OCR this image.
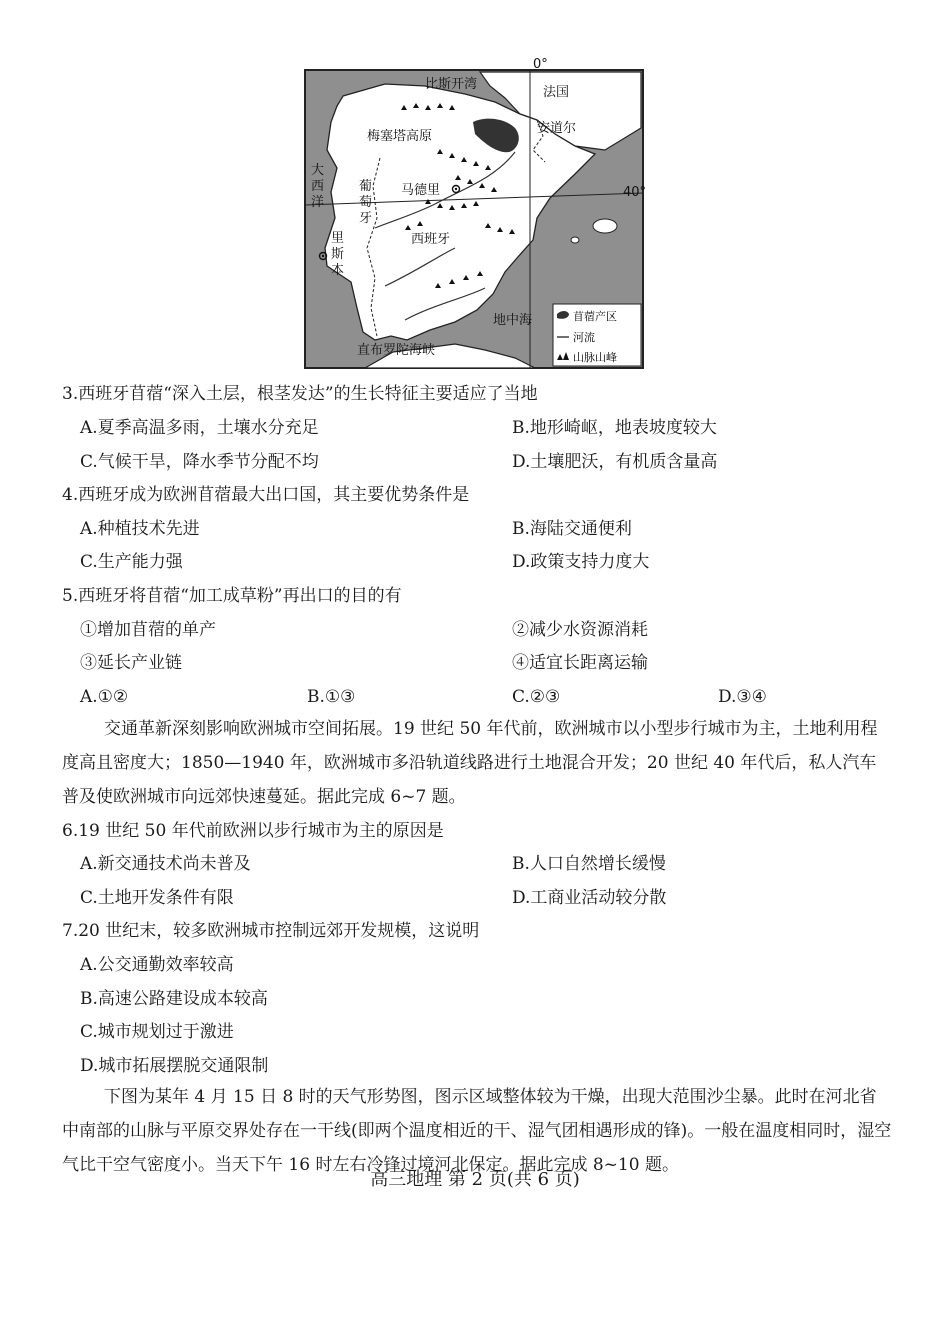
0°
40°
比斯开湾
法国
安道尔
梅塞塔高原
马德里
西班牙
地中海
直布罗陀海峡
大西洋
葡萄牙
里斯本
苜蓿产区
河流
山脉山峰
3.西班牙苜蓿“深入土层，根茎发达”的生长特征主要适应了当地
A.夏季高温多雨，土壤水分充足	B.地形崎岖，地表坡度较大
C.气候干旱，降水季节分配不均	D.土壤肥沃，有机质含量高
4.西班牙成为欧洲苜蓿最大出口国，其主要优势条件是
A.种植技术先进	B.海陆交通便利
C.生产能力强	D.政策支持力度大
5.西班牙将苜蓿“加工成草粉”再出口的目的有
①增加苜蓿的单产	②减少水资源消耗
③延长产业链	④适宜长距离运输
A.①②	B.①③	C.②③	D.③④
交通革新深刻影响欧洲城市空间拓展。19 世纪 50 年代前，欧洲城市以小型步行城市为主，土地利用程度高且密度大；1850—1940 年，欧洲城市多沿轨道线路进行土地混合开发；20 世纪 40 年代后，私人汽车普及使欧洲城市向远郊快速蔓延。据此完成 6~7 题。
6.19 世纪 50 年代前欧洲以步行城市为主的原因是
A.新交通技术尚未普及	B.人口自然增长缓慢
C.土地开发条件有限	D.工商业活动较分散
7.20 世纪末，较多欧洲城市控制远郊开发规模，这说明
A.公交通勤效率较高
B.高速公路建设成本较高
C.城市规划过于激进
D.城市拓展摆脱交通限制
下图为某年 4 月 15 日 8 时的天气形势图，图示区域整体较为干燥，出现大范围沙尘暴。此时在河北省中南部的山脉与平原交界处存在一干线(即两个温度相近的干、湿气团相遇形成的锋)。一般在温度相同时，湿空气比干空气密度小。当天下午 16 时左右冷锋过境河北保定。据此完成 8~10 题。
高三地理 第 2 页(共 6 页)
